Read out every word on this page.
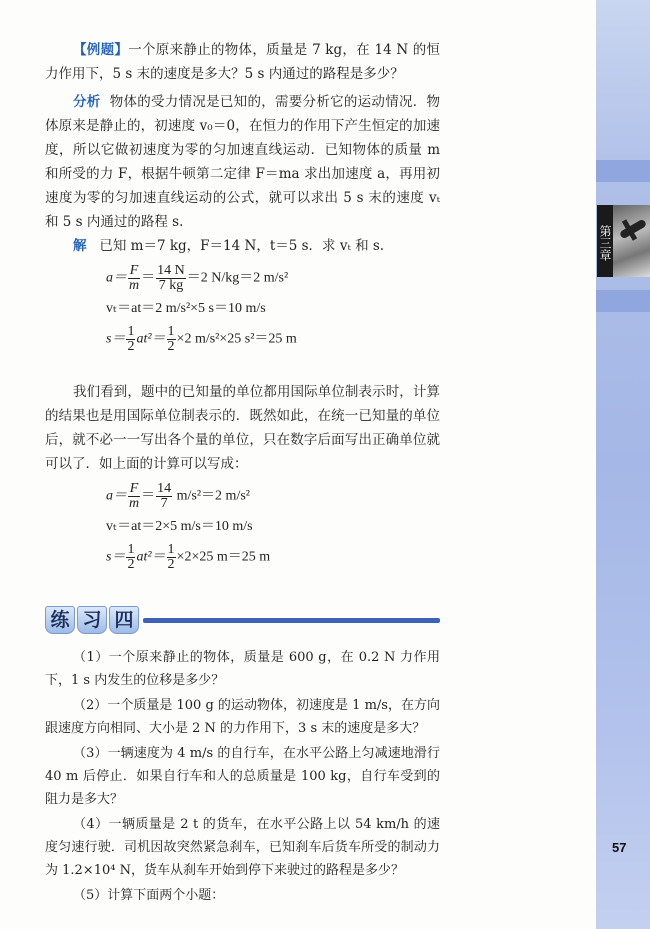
第三章

【例题】一个原来静止的物体，质量是 7 kg，在 14 N 的恒力作用下，5 s 末的速度是多大？5 s 内通过的路程是多少？

分析 物体的受力情况是已知的，需要分析它的运动情况．物体原来是静止的，初速度 v₀＝0，在恒力的作用下产生恒定的加速度，所以它做初速度为零的匀加速直线运动．已知物体的质量 m 和所受的力 F，根据牛顿第二定律 F＝ma 求出加速度 a，再用初速度为零的匀加速直线运动的公式，就可以求出 5 s 末的速度 vₜ 和 5 s 内通过的路程 s.

解 已知 m＝7 kg，F＝14 N，t＝5 s．求 vₜ 和 s.

$a= \frac{F}{m} = \frac{14 N}{7 kg} =2$ N/kg＝2 m/s²
vₜ＝at＝2 m/s²×5 s＝10 m/s
$s= \frac{1}{2} at^2= \frac{1}{2} \times 2$ m/s²×25 s²＝25 m

我们看到，题中的已知量的单位都用国际单位制表示时，计算的结果也是用国际单位制表示的．既然如此，在统一已知量的单位后，就不必一一写出各个量的单位，只在数字后面写出正确单位就可以了．如上面的计算可以写成：

$a= \frac{F}{m} = \frac{14}{7} m/s^2=2$ m/s²
vₜ＝at＝2×5 m/s＝10 m/s
$s= \frac{1}{2} at^2= \frac{1}{2} \times 2\times 25$ m＝25 m
练 习 四

（1）一个原来静止的物体，质量是 600 g，在 0.2 N 力作用下，1 s 内发生的位移是多少？

（2）一个质量是 100 g 的运动物体，初速度是 1 m/s，在方向跟速度方向相同、大小是 2 N 的力作用下，3 s 末的速度是多大？

（3）一辆速度为 4 m/s 的自行车，在水平公路上匀减速地滑行 40 m 后停止．如果自行车和人的总质量是 100 kg，自行车受到的阻力是多大？

（4）一辆质量是 2 t 的货车，在水平公路上以 54 km/h 的速度匀速行驶．司机因故突然紧急刹车，已知刹车后货车所受的制动力为 1.2×10⁴ N，货车从刹车开始到停下来驶过的路程是多少？

（5）计算下面两个小题：

57
